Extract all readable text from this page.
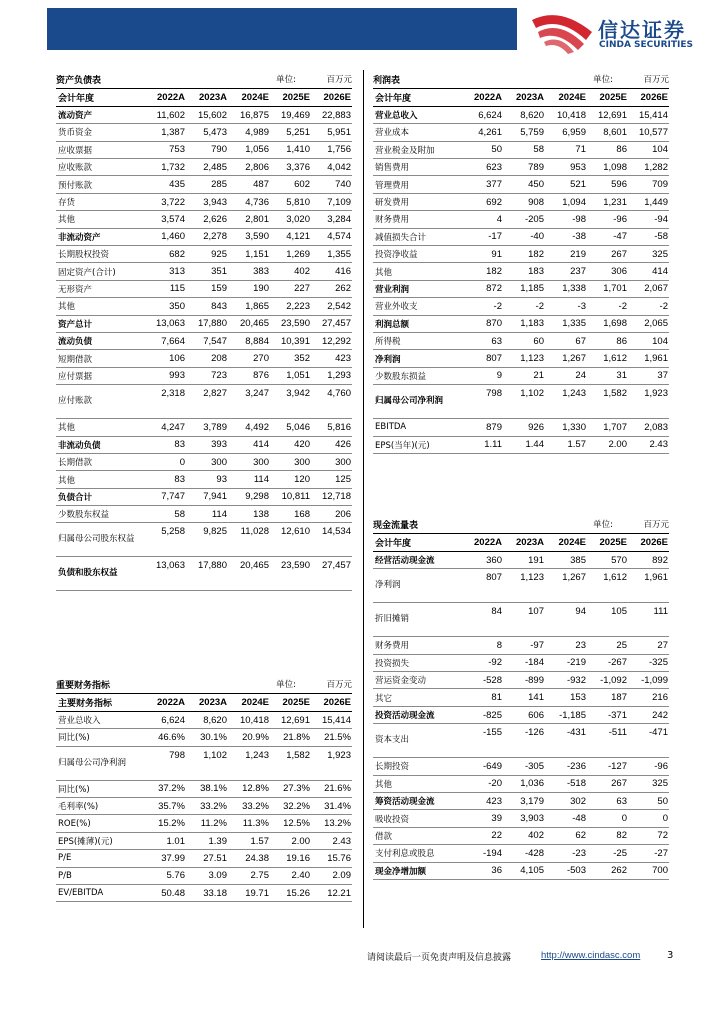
信达证券
CINDA SECURITIES
资产负债表	单位:	百万元
会计年度	2022A	2023A	2024E	2025E	2026E
流动资产	11,602	15,602	16,875	19,469	22,883
货币资金	1,387	5,473	4,989	5,251	5,951
应收票据	753	790	1,056	1,410	1,756
应收账款	1,732	2,485	2,806	3,376	4,042
预付账款	435	285	487	602	740
存货	3,722	3,943	4,736	5,810	7,109
其他	3,574	2,626	2,801	3,020	3,284
非流动资产	1,460	2,278	3,590	4,121	4,574
长期股权投资	682	925	1,151	1,269	1,355
固定资产(合计)	313	351	383	402	416
无形资产	115	159	190	227	262
其他	350	843	1,865	2,223	2,542
资产总计	13,063	17,880	20,465	23,590	27,457
流动负债	7,664	7,547	8,884	10,391	12,292
短期借款	106	208	270	352	423
应付票据	993	723	876	1,051	1,293
应付账款	2,318	2,827	3,247	3,942	4,760
其他	4,247	3,789	4,492	5,046	5,816
非流动负债	83	393	414	420	426
长期借款	0	300	300	300	300
其他	83	93	114	120	125
负债合计	7,747	7,941	9,298	10,811	12,718
少数股东权益	58	114	138	168	206
归属母公司股东权益	5,258	9,825	11,028	12,610	14,534
负债和股东权益	13,063	17,880	20,465	23,590	27,457
重要财务指标	单位:	百万元
主要财务指标	2022A	2023A	2024E	2025E	2026E
营业总收入	6,624	8,620	10,418	12,691	15,414
同比(%)	46.6%	30.1%	20.9%	21.8%	21.5%
归属母公司净利润	798	1,102	1,243	1,582	1,923
同比(%)	37.2%	38.1%	12.8%	27.3%	21.6%
毛利率(%)	35.7%	33.2%	33.2%	32.2%	31.4%
ROE(%)	15.2%	11.2%	11.3%	12.5%	13.2%
EPS(摊薄)(元)	1.01	1.39	1.57	2.00	2.43
P/E	37.99	27.51	24.38	19.16	15.76
P/B	5.76	3.09	2.75	2.40	2.09
EV/EBITDA	50.48	33.18	19.71	15.26	12.21
利润表	单位:	百万元
会计年度	2022A	2023A	2024E	2025E	2026E
营业总收入	6,624	8,620	10,418	12,691	15,414
营业成本	4,261	5,759	6,959	8,601	10,577
营业税金及附加	50	58	71	86	104
销售费用	623	789	953	1,098	1,282
管理费用	377	450	521	596	709
研发费用	692	908	1,094	1,231	1,449
财务费用	4	-205	-98	-96	-94
减值损失合计	-17	-40	-38	-47	-58
投资净收益	91	182	219	267	325
其他	182	183	237	306	414
营业利润	872	1,185	1,338	1,701	2,067
营业外收支	-2	-2	-3	-2	-2
利润总额	870	1,183	1,335	1,698	2,065
所得税	63	60	67	86	104
净利润	807	1,123	1,267	1,612	1,961
少数股东损益	9	21	24	31	37
归属母公司净利润	798	1,102	1,243	1,582	1,923
EBITDA	879	926	1,330	1,707	2,083
EPS(当年)(元)	1.11	1.44	1.57	2.00	2.43
现金流量表	单位:	百万元
会计年度	2022A	2023A	2024E	2025E	2026E
经营活动现金流	360	191	385	570	892
净利润	807	1,123	1,267	1,612	1,961
折旧摊销	84	107	94	105	111
财务费用	8	-97	23	25	27
投资损失	-92	-184	-219	-267	-325
营运资金变动	-528	-899	-932	-1,092	-1,099
其它	81	141	153	187	216
投资活动现金流	-825	606	-1,185	-371	242
资本支出	-155	-126	-431	-511	-471
长期投资	-649	-305	-236	-127	-96
其他	-20	1,036	-518	267	325
筹资活动现金流	423	3,179	302	63	50
吸收投资	39	3,903	-48	0	0
借款	22	402	62	82	72
支付利息或股息	-194	-428	-23	-25	-27
现金净增加额	36	4,105	-503	262	700
请阅读最后一页免责声明及信息披露	http://www.cindasc.com	3
